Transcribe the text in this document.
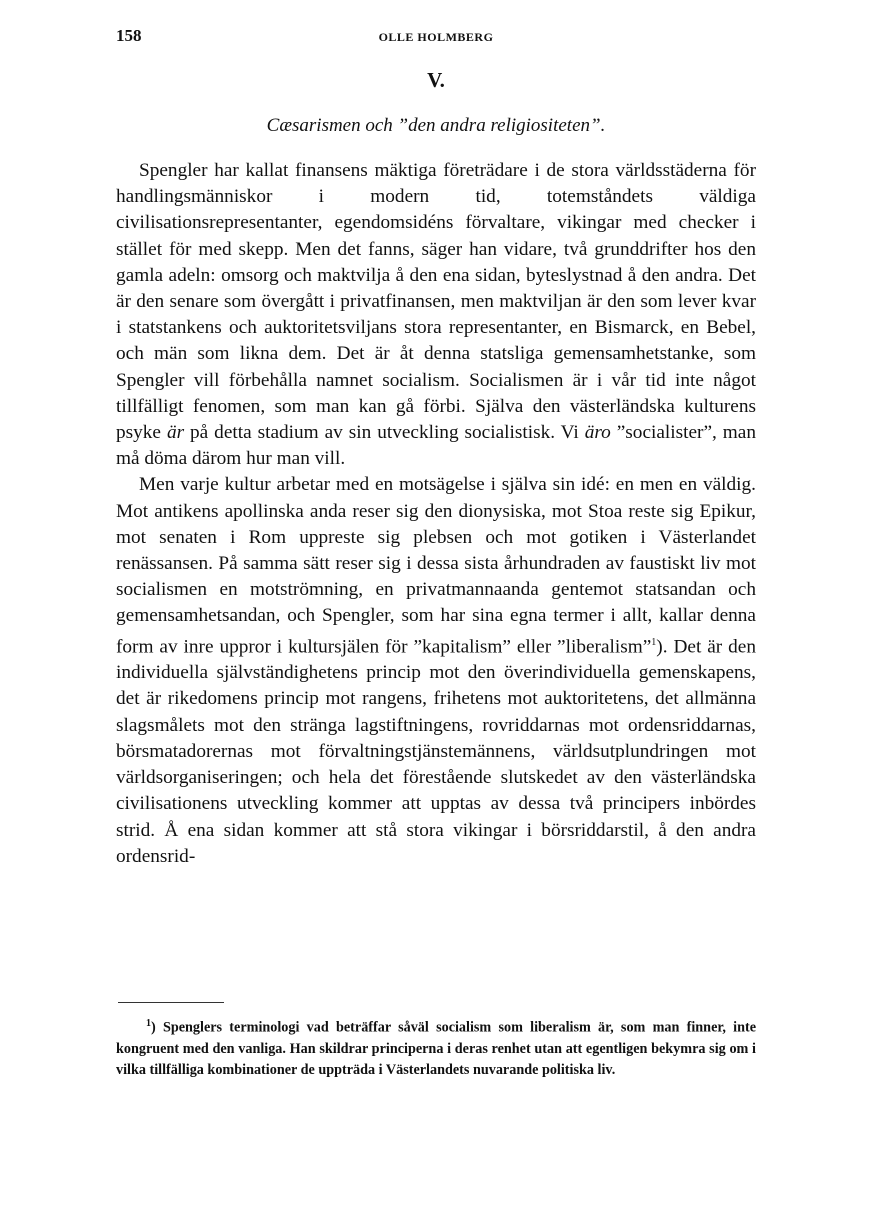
158	OLLE HOLMBERG
V.
Cæsarismen och ”den andra religiositeten”.

Spengler har kallat finansens mäktiga företrädare i de stora världsstäderna för handlingsmänniskor i modern tid, totemståndets väldiga civilisationsrepresentanter, egendomsidéns förvaltare, vikingar med checker i stället för med skepp. Men det fanns, säger han vidare, två grunddrifter hos den gamla adeln: omsorg och maktvilja å den ena sidan, byteslystnad å den andra. Det är den senare som övergått i privatfinansen, men maktviljan är den som lever kvar i statstankens och auktoritetsviljans stora representanter, en Bismarck, en Bebel, och män som likna dem. Det är åt denna statsliga gemensamhetstanke, som Spengler vill förbehålla namnet socialism. Socialismen är i vår tid inte något tillfälligt fenomen, som man kan gå förbi. Själva den västerländska kulturens psyke är på detta stadium av sin utveckling socialistisk. Vi äro ”socialister”, man må döma därom hur man vill.

Men varje kultur arbetar med en motsägelse i själva sin idé: en men en väldig. Mot antikens apollinska anda reser sig den dionysiska, mot Stoa reste sig Epikur, mot senaten i Rom uppreste sig plebsen och mot gotiken i Västerlandet renässansen. På samma sätt reser sig i dessa sista århundraden av faustiskt liv mot socialismen en motströmning, en privatmannaanda gentemot statsandan och gemensamhetsandan, och Spengler, som har sina egna termer i allt, kallar denna form av inre uppror i kultursjälen för ”kapitalism” eller ”liberalism”$^1$). Det är den individuella självständighetens princip mot den överindividuella gemenskapens, det är rikedomens princip mot rangens, frihetens mot auktoritetens, det allmänna slagsmålets mot den stränga lagstiftningens, rovriddarnas mot ordensriddarnas, börsmatadorernas mot förvaltningstjänstemännens, världsutplundringen mot världsorganiseringen; och hela det förestående slutskedet av den västerländska civilisationens utveckling kommer att upptas av dessa två principers inbördes strid. Å ena sidan kommer att stå stora vikingar i börsriddarstil, å den andra ordensrid-

$^1$) Spenglers terminologi vad beträffar såväl socialism som liberalism är, som man finner, inte kongruent med den vanliga. Han skildrar principerna i deras renhet utan att egentligen bekymra sig om i vilka tillfälliga kombinationer de uppträda i Västerlandets nuvarande politiska liv.
